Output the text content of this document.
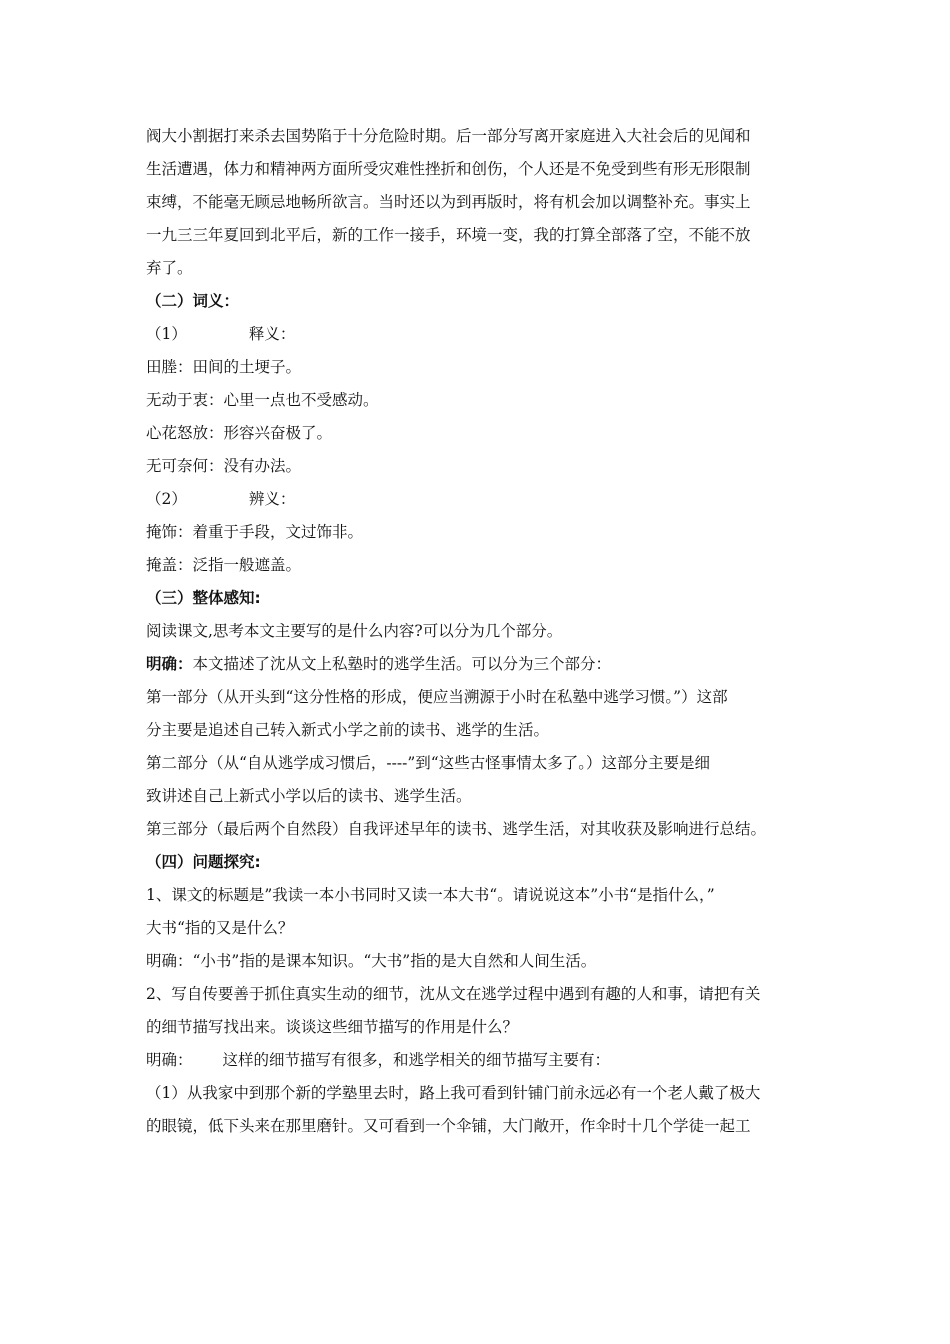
阀大小割据打来杀去国势陷于十分危险时期。后一部分写离开家庭进入大社会后的见闻和
生活遭遇，体力和精神两方面所受灾难性挫折和创伤，个人还是不免受到些有形无形限制
束缚，不能毫无顾忌地畅所欲言。当时还以为到再版时，将有机会加以调整补充。事实上
一九三三年夏回到北平后，新的工作一接手，环境一变，我的打算全部落了空，不能不放
弃了。
（二）词义：
（1）	释义：
田塍：田间的土埂子。
无动于衷：心里一点也不受感动。
心花怒放：形容兴奋极了。
无可奈何：没有办法。
（2）	辨义：
掩饰：着重于手段，文过饰非。
掩盖：泛指一般遮盖。
（三）整体感知:
阅读课文,思考本文主要写的是什么内容?可以分为几个部分。
明确：本文描述了沈从文上私塾时的逃学生活。可以分为三个部分：
第一部分（从开头到“这分性格的形成，便应当溯源于小时在私塾中逃学习惯。”）这部
分主要是追述自己转入新式小学之前的读书、逃学的生活。
第二部分（从“自从逃学成习惯后，----”到“这些古怪事情太多了。）这部分主要是细
致讲述自己上新式小学以后的读书、逃学生活。
第三部分（最后两个自然段）自我评述早年的读书、逃学生活，对其收获及影响进行总结。
（四）问题探究:
1、课文的标题是”我读一本小书同时又读一本大书“。请说说这本”小书“是指什么，”
大书“指的又是什么？
明确：“小书”指的是课本知识。“大书”指的是大自然和人间生活。
2、写自传要善于抓住真实生动的细节，沈从文在逃学过程中遇到有趣的人和事，请把有关
的细节描写找出来。谈谈这些细节描写的作用是什么？
明确： 这样的细节描写有很多，和逃学相关的细节描写主要有：
（1）从我家中到那个新的学塾里去时，路上我可看到针铺门前永远必有一个老人戴了极大
的眼镜，低下头来在那里磨针。又可看到一个伞铺，大门敞开，作伞时十几个学徒一起工
